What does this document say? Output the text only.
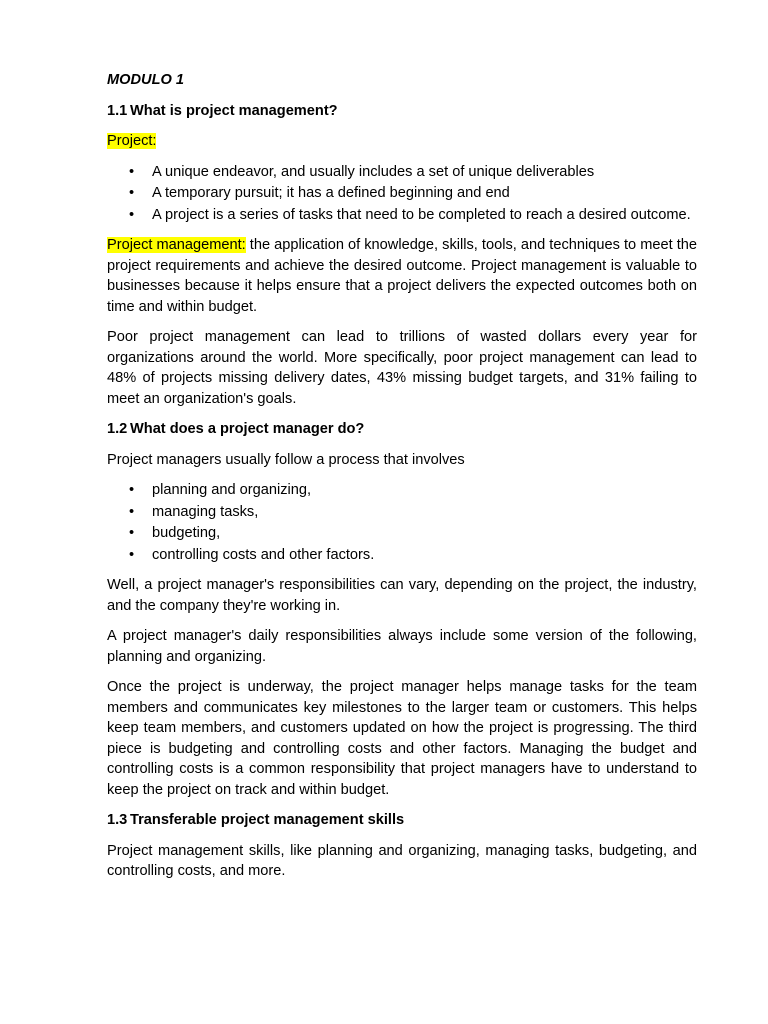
MODULO 1
1.1 What is project management?

Project:

• A unique endeavor, and usually includes a set of unique deliverables
• A temporary pursuit; it has a defined beginning and end
• A project is a series of tasks that need to be completed to reach a desired outcome.

Project management: the application of knowledge, skills, tools, and techniques to meet the project requirements and achieve the desired outcome. Project management is valuable to businesses because it helps ensure that a project delivers the expected outcomes both on time and within budget.

Poor project management can lead to trillions of wasted dollars every year for organizations around the world. More specifically, poor project management can lead to 48% of projects missing delivery dates, 43% missing budget targets, and 31% failing to meet an organization's goals.

1.2 What does a project manager do?

Project managers usually follow a process that involves

• planning and organizing,
• managing tasks,
• budgeting,
• controlling costs and other factors.

Well, a project manager's responsibilities can vary, depending on the project, the industry, and the company they're working in.

A project manager's daily responsibilities always include some version of the following, planning and organizing.

Once the project is underway, the project manager helps manage tasks for the team members and communicates key milestones to the larger team or customers. This helps keep team members, and customers updated on how the project is progressing. The third piece is budgeting and controlling costs and other factors. Managing the budget and controlling costs is a common responsibility that project managers have to understand to keep the project on track and within budget.

1.3 Transferable project management skills

Project management skills, like planning and organizing, managing tasks, budgeting, and controlling costs, and more.
